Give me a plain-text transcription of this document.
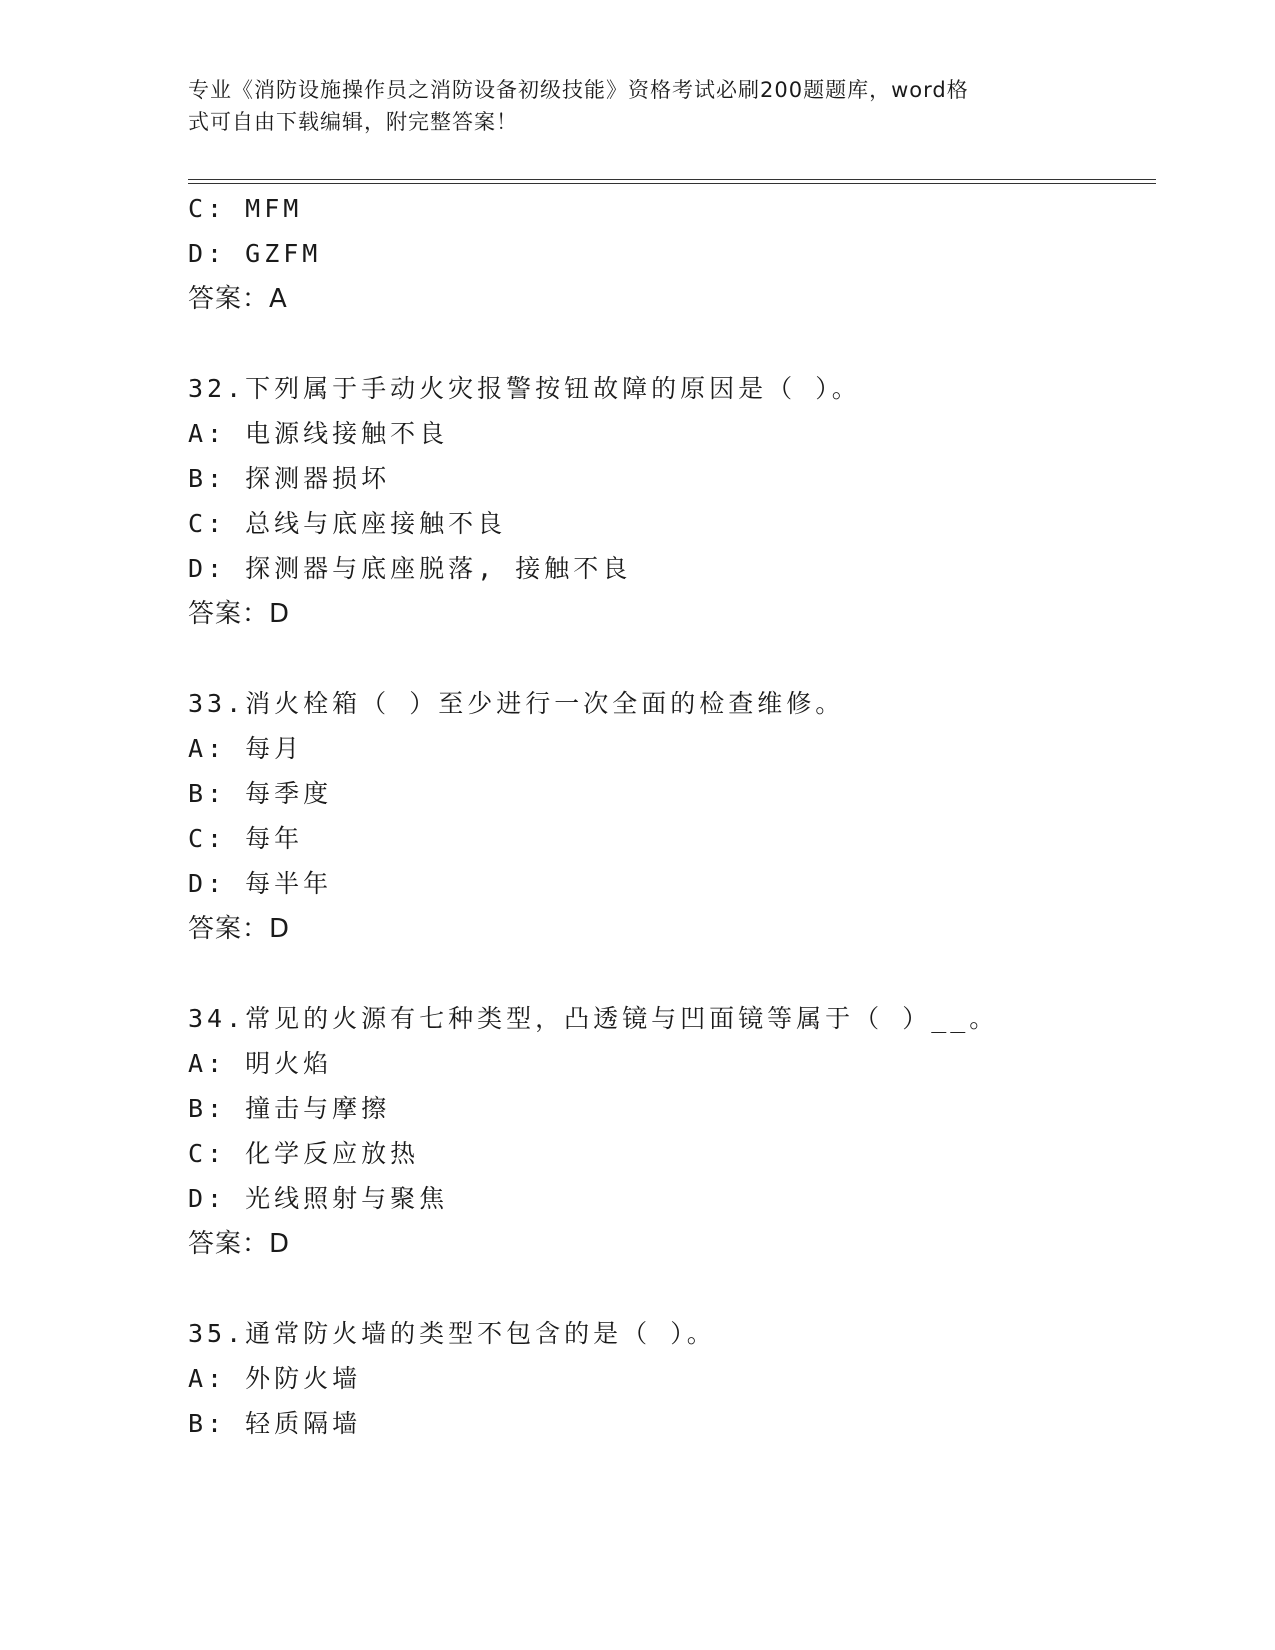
专业《消防设施操作员之消防设备初级技能》资格考试必刷200题题库，word格
式可自由下载编辑，附完整答案！
C: MFM
D: GZFM
答案：A
32.下列属于手动火灾报警按钮故障的原因是（ ）。
A: 电源线接触不良
B: 探测器损坏
C: 总线与底座接触不良
D: 探测器与底座脱落, 接触不良
答案：D
33.消火栓箱（ ）至少进行一次全面的检查维修。
A: 每月
B: 每季度
C: 每年
D: 每半年
答案：D
34.常见的火源有七种类型，凸透镜与凹面镜等属于（ ）__。
A: 明火焰
B: 撞击与摩擦
C: 化学反应放热
D: 光线照射与聚焦
答案：D
35.通常防火墙的类型不包含的是（ ）。
A: 外防火墙
B: 轻质隔墙
